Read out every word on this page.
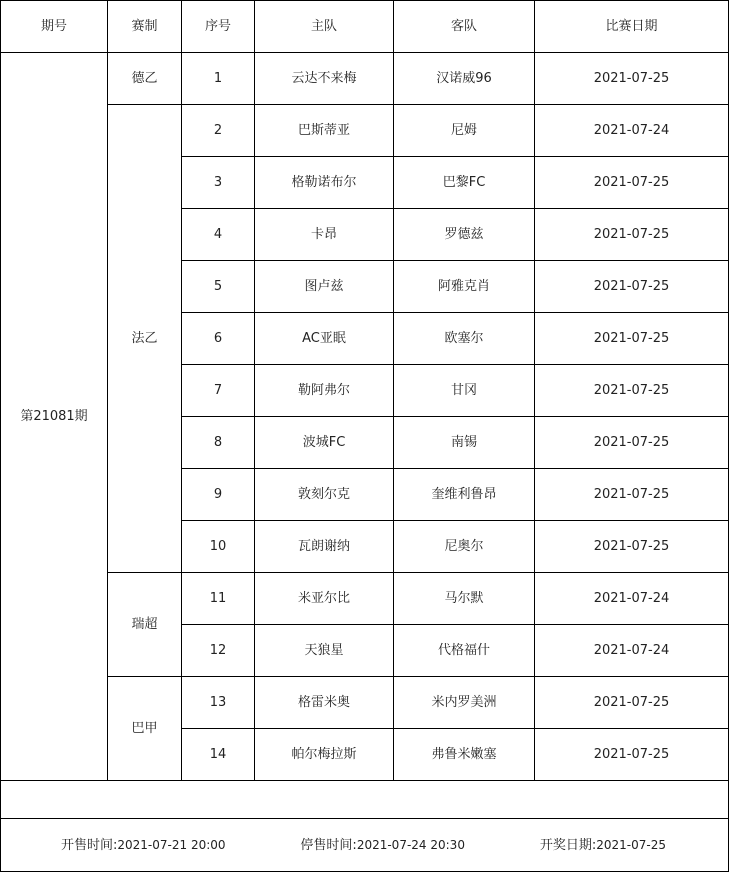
期号	赛制	序号	主队	客队	比赛日期
第21081期	德乙	1	云达不来梅	汉诺威96	2021-07-25
	法乙	2	巴斯蒂亚	尼姆	2021-07-24
		3	格勒诺布尔	巴黎FC	2021-07-25
		4	卡昂	罗德兹	2021-07-25
		5	图卢兹	阿雅克肖	2021-07-25
		6	AC亚眠	欧塞尔	2021-07-25
		7	勒阿弗尔	甘冈	2021-07-25
		8	波城FC	南锡	2021-07-25
		9	敦刻尔克	奎维利鲁昂	2021-07-25
		10	瓦朗谢纳	尼奥尔	2021-07-25
	瑞超	11	米亚尔比	马尔默	2021-07-24
		12	天狼星	代格福什	2021-07-24
	巴甲	13	格雷米奥	米内罗美洲	2021-07-25
		14	帕尔梅拉斯	弗鲁米嫩塞	2021-07-25

开售时间:2021-07-21 20:00 停售时间:2021-07-24 20:30 开奖日期:2021-07-25					
